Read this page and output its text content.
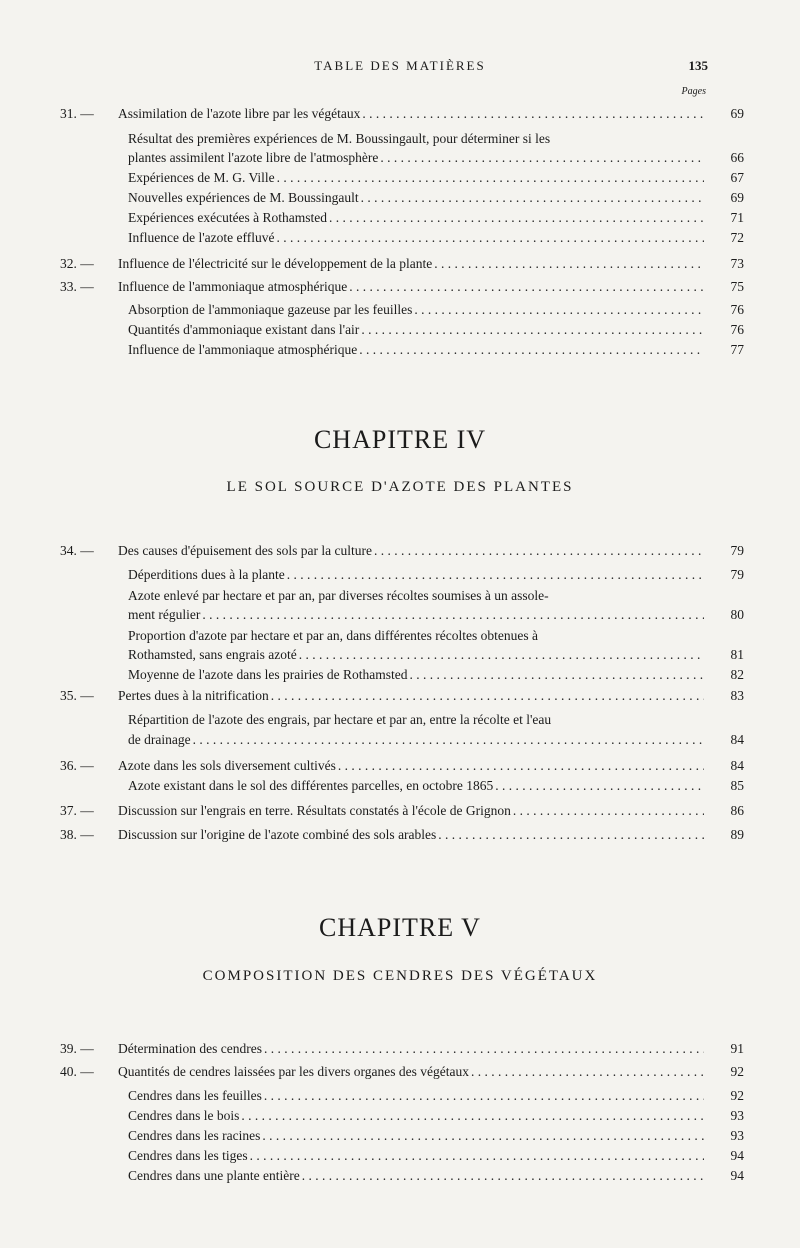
TABLE DES MATIÈRES	135
Pages
31. — Assimilation de l'azote libre par les végétaux . . .	69
Résultat des premières expériences de M. Boussingault, pour déterminer si les
plantes assimilent l'azote libre de l'atmosphère . . .	66
Expériences de M. G. Ville . . .	67
Nouvelles expériences de M. Boussingault . . .	69
Expériences exécutées à Rothamsted . . .	71
Influence de l'azote effluvé . . .	72
32. — Influence de l'électricité sur le développement de la plante . . .	73
33. — Influence de l'ammoniaque atmosphérique . . .	75
Absorption de l'ammoniaque gazeuse par les feuilles . . .	76
Quantités d'ammoniaque existant dans l'air . . .	76
Influence de l'ammoniaque atmosphérique . . .	77
CHAPITRE IV
LE SOL SOURCE D'AZOTE DES PLANTES
34. — Des causes d'épuisement des sols par la culture . . .	79
Déperditions dues à la plante . . .	79
Azote enlevé par hectare et par an, par diverses récoltes soumises à un assole-
ment régulier . . .	80
Proportion d'azote par hectare et par an, dans différentes récoltes obtenues à
Rothamsted, sans engrais azoté . . .	81
Moyenne de l'azote dans les prairies de Rothamsted . . .	82
35. — Pertes dues à la nitrification . . .	83
Répartition de l'azote des engrais, par hectare et par an, entre la récolte et l'eau
de drainage . . .	84
36. — Azote dans les sols diversement cultivés . . .	84
Azote existant dans le sol des différentes parcelles, en octobre 1865 . . .	85
37. — Discussion sur l'engrais en terre. Résultats constatés à l'école de Grignon . . .	86
38. — Discussion sur l'origine de l'azote combiné des sols arables . . .	89
CHAPITRE V
COMPOSITION DES CENDRES DES VÉGÉTAUX
39. — Détermination des cendres . . .	91
40. — Quantités de cendres laissées par les divers organes des végétaux . . .	92
Cendres dans les feuilles . . .	92
Cendres dans le bois . . .	93
Cendres dans les racines . . .	93
Cendres dans les tiges . . .	94
Cendres dans une plante entière . . .	94
